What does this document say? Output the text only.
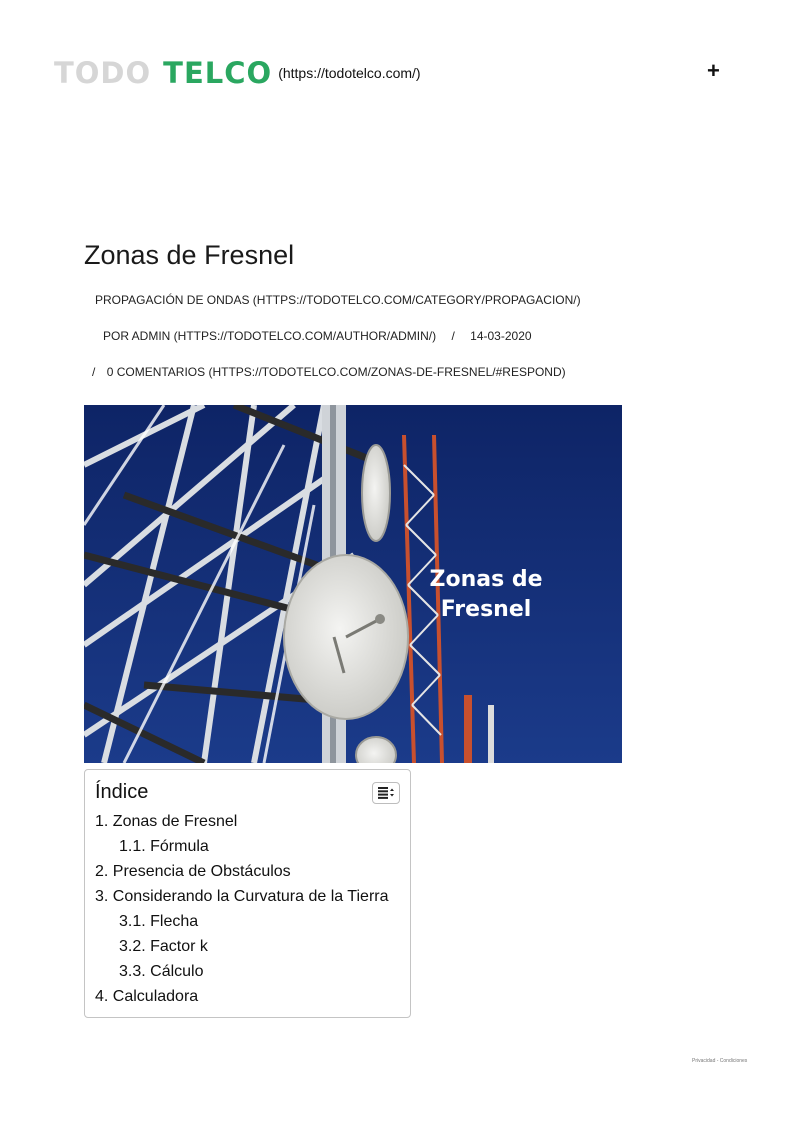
TODO TELCO (https://todotelco.com/)	+
Zonas de Fresnel
PROPAGACIÓN DE ONDAS (HTTPS://TODOTELCO.COM/CATEGORY/PROPAGACION/)
POR ADMIN (HTTPS://TODOTELCO.COM/AUTHOR/ADMIN/) / 14-03-2020
/ 0 COMENTARIOS (HTTPS://TODOTELCO.COM/ZONAS-DE-FRESNEL/#RESPOND)
Zonas de
Fresnel
Índice
1. Zonas de Fresnel
1.1. Fórmula
2. Presencia de Obstáculos
3. Considerando la Curvatura de la Tierra
3.1. Flecha
3.2. Factor k
3.3. Cálculo
4. Calculadora
Privacidad - Condiciones
